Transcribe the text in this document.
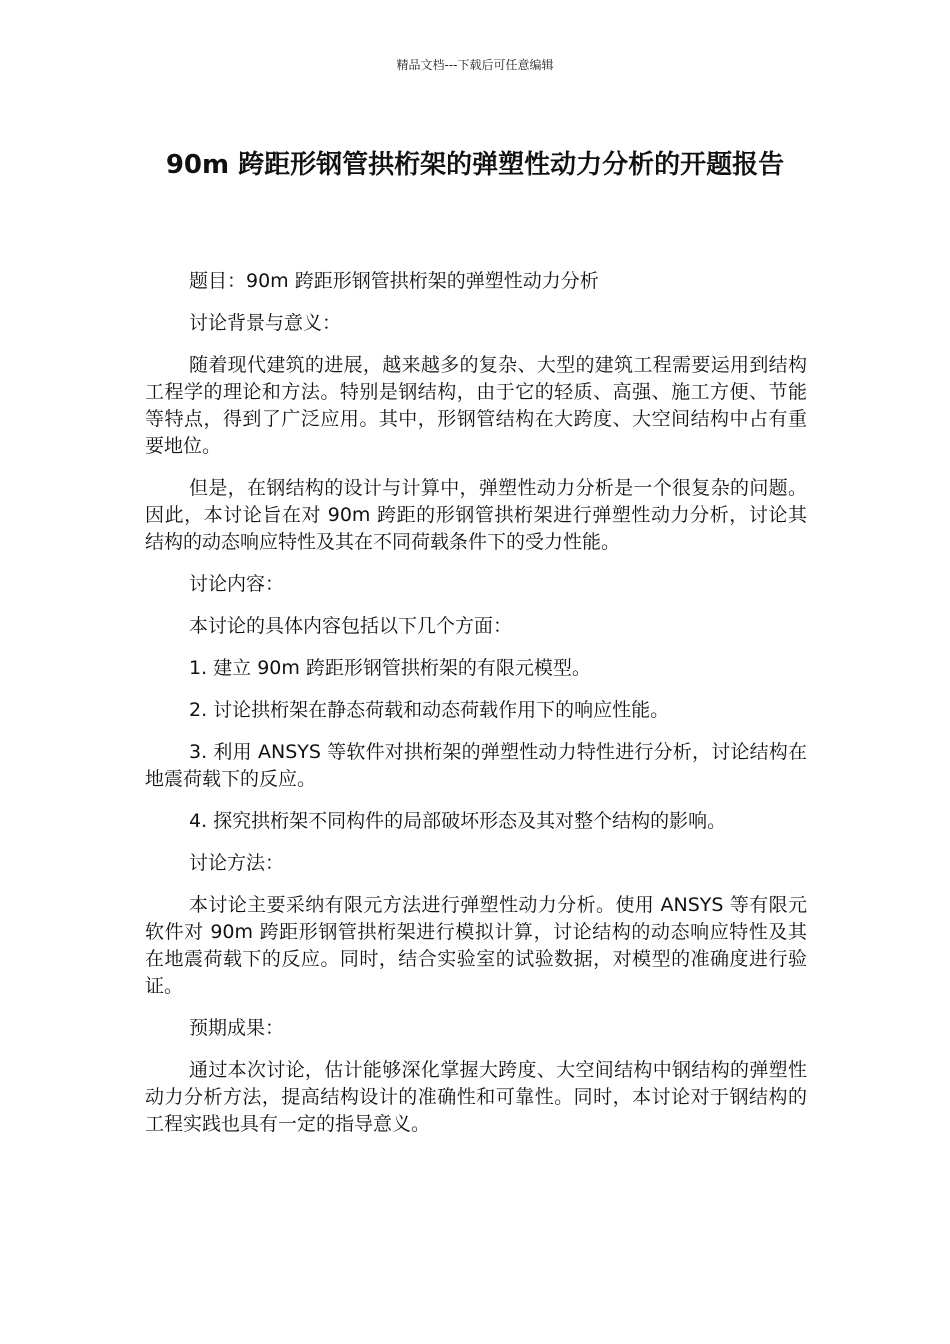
精品文档---下载后可任意编辑
90m 跨距形钢管拱桁架的弹塑性动力分析的开题报告

题目：90m 跨距形钢管拱桁架的弹塑性动力分析

讨论背景与意义：

随着现代建筑的进展，越来越多的复杂、大型的建筑工程需要运用到结构工程学的理论和方法。特别是钢结构，由于它的轻质、高强、施工方便、节能等特点，得到了广泛应用。其中，形钢管结构在大跨度、大空间结构中占有重要地位。

但是，在钢结构的设计与计算中，弹塑性动力分析是一个很复杂的问题。因此，本讨论旨在对 90m 跨距的形钢管拱桁架进行弹塑性动力分析，讨论其结构的动态响应特性及其在不同荷载条件下的受力性能。

讨论内容：

本讨论的具体内容包括以下几个方面：

1. 建立 90m 跨距形钢管拱桁架的有限元模型。

2. 讨论拱桁架在静态荷载和动态荷载作用下的响应性能。

3. 利用 ANSYS 等软件对拱桁架的弹塑性动力特性进行分析，讨论结构在地震荷载下的反应。

4. 探究拱桁架不同构件的局部破坏形态及其对整个结构的影响。

讨论方法：

本讨论主要采纳有限元方法进行弹塑性动力分析。使用 ANSYS 等有限元软件对 90m 跨距形钢管拱桁架进行模拟计算，讨论结构的动态响应特性及其在地震荷载下的反应。同时，结合实验室的试验数据，对模型的准确度进行验证。

预期成果：

通过本次讨论，估计能够深化掌握大跨度、大空间结构中钢结构的弹塑性动力分析方法，提高结构设计的准确性和可靠性。同时，本讨论对于钢结构的工程实践也具有一定的指导意义。
